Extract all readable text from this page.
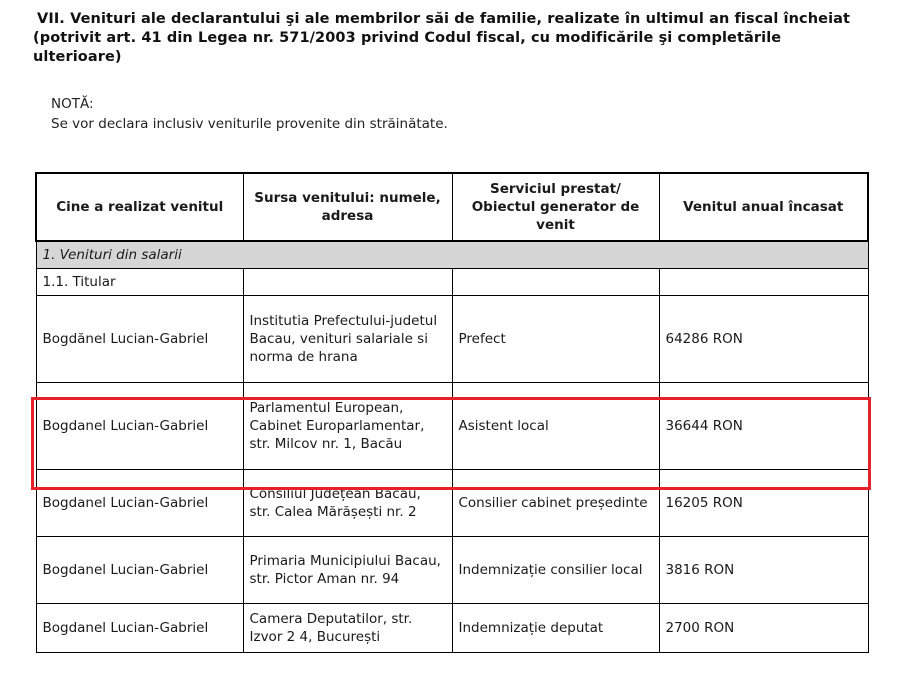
VII. Venituri ale declarantului şi ale membrilor săi de familie, realizate în ultimul an fiscal încheiat
(potrivit art. 41 din Legea nr. 571/2003 privind Codul fiscal, cu modificările şi completările
ulterioare)
NOTĂ:
Se vor declara inclusiv veniturile provenite din străinătate.
Cine a realizat venitul	Sursa venitului: numele, adresa	Serviciul prestat/ Obiectul generator de venit	Venitul anual încasat
1. Venituri din salarii			
1.1. Titular			
Bogdănel Lucian-Gabriel	Institutia Prefectului-judetul Bacau, venituri salariale si norma de hrana	Prefect	64286 RON
Bogdanel Lucian-Gabriel	Parlamentul European, Cabinet Europarlamentar, str. Milcov nr. 1, Bacău	Asistent local	36644 RON
Bogdanel Lucian-Gabriel	Consiliul Județean Bacău, str. Calea Mărășești nr. 2	Consilier cabinet președinte	16205 RON
Bogdanel Lucian-Gabriel	Primaria Municipiului Bacau, str. Pictor Aman nr. 94	Indemnizație consilier local	3816 RON
Bogdanel Lucian-Gabriel	Camera Deputatilor, str. Izvor 2 4, București	Indemnizație deputat	2700 RON
